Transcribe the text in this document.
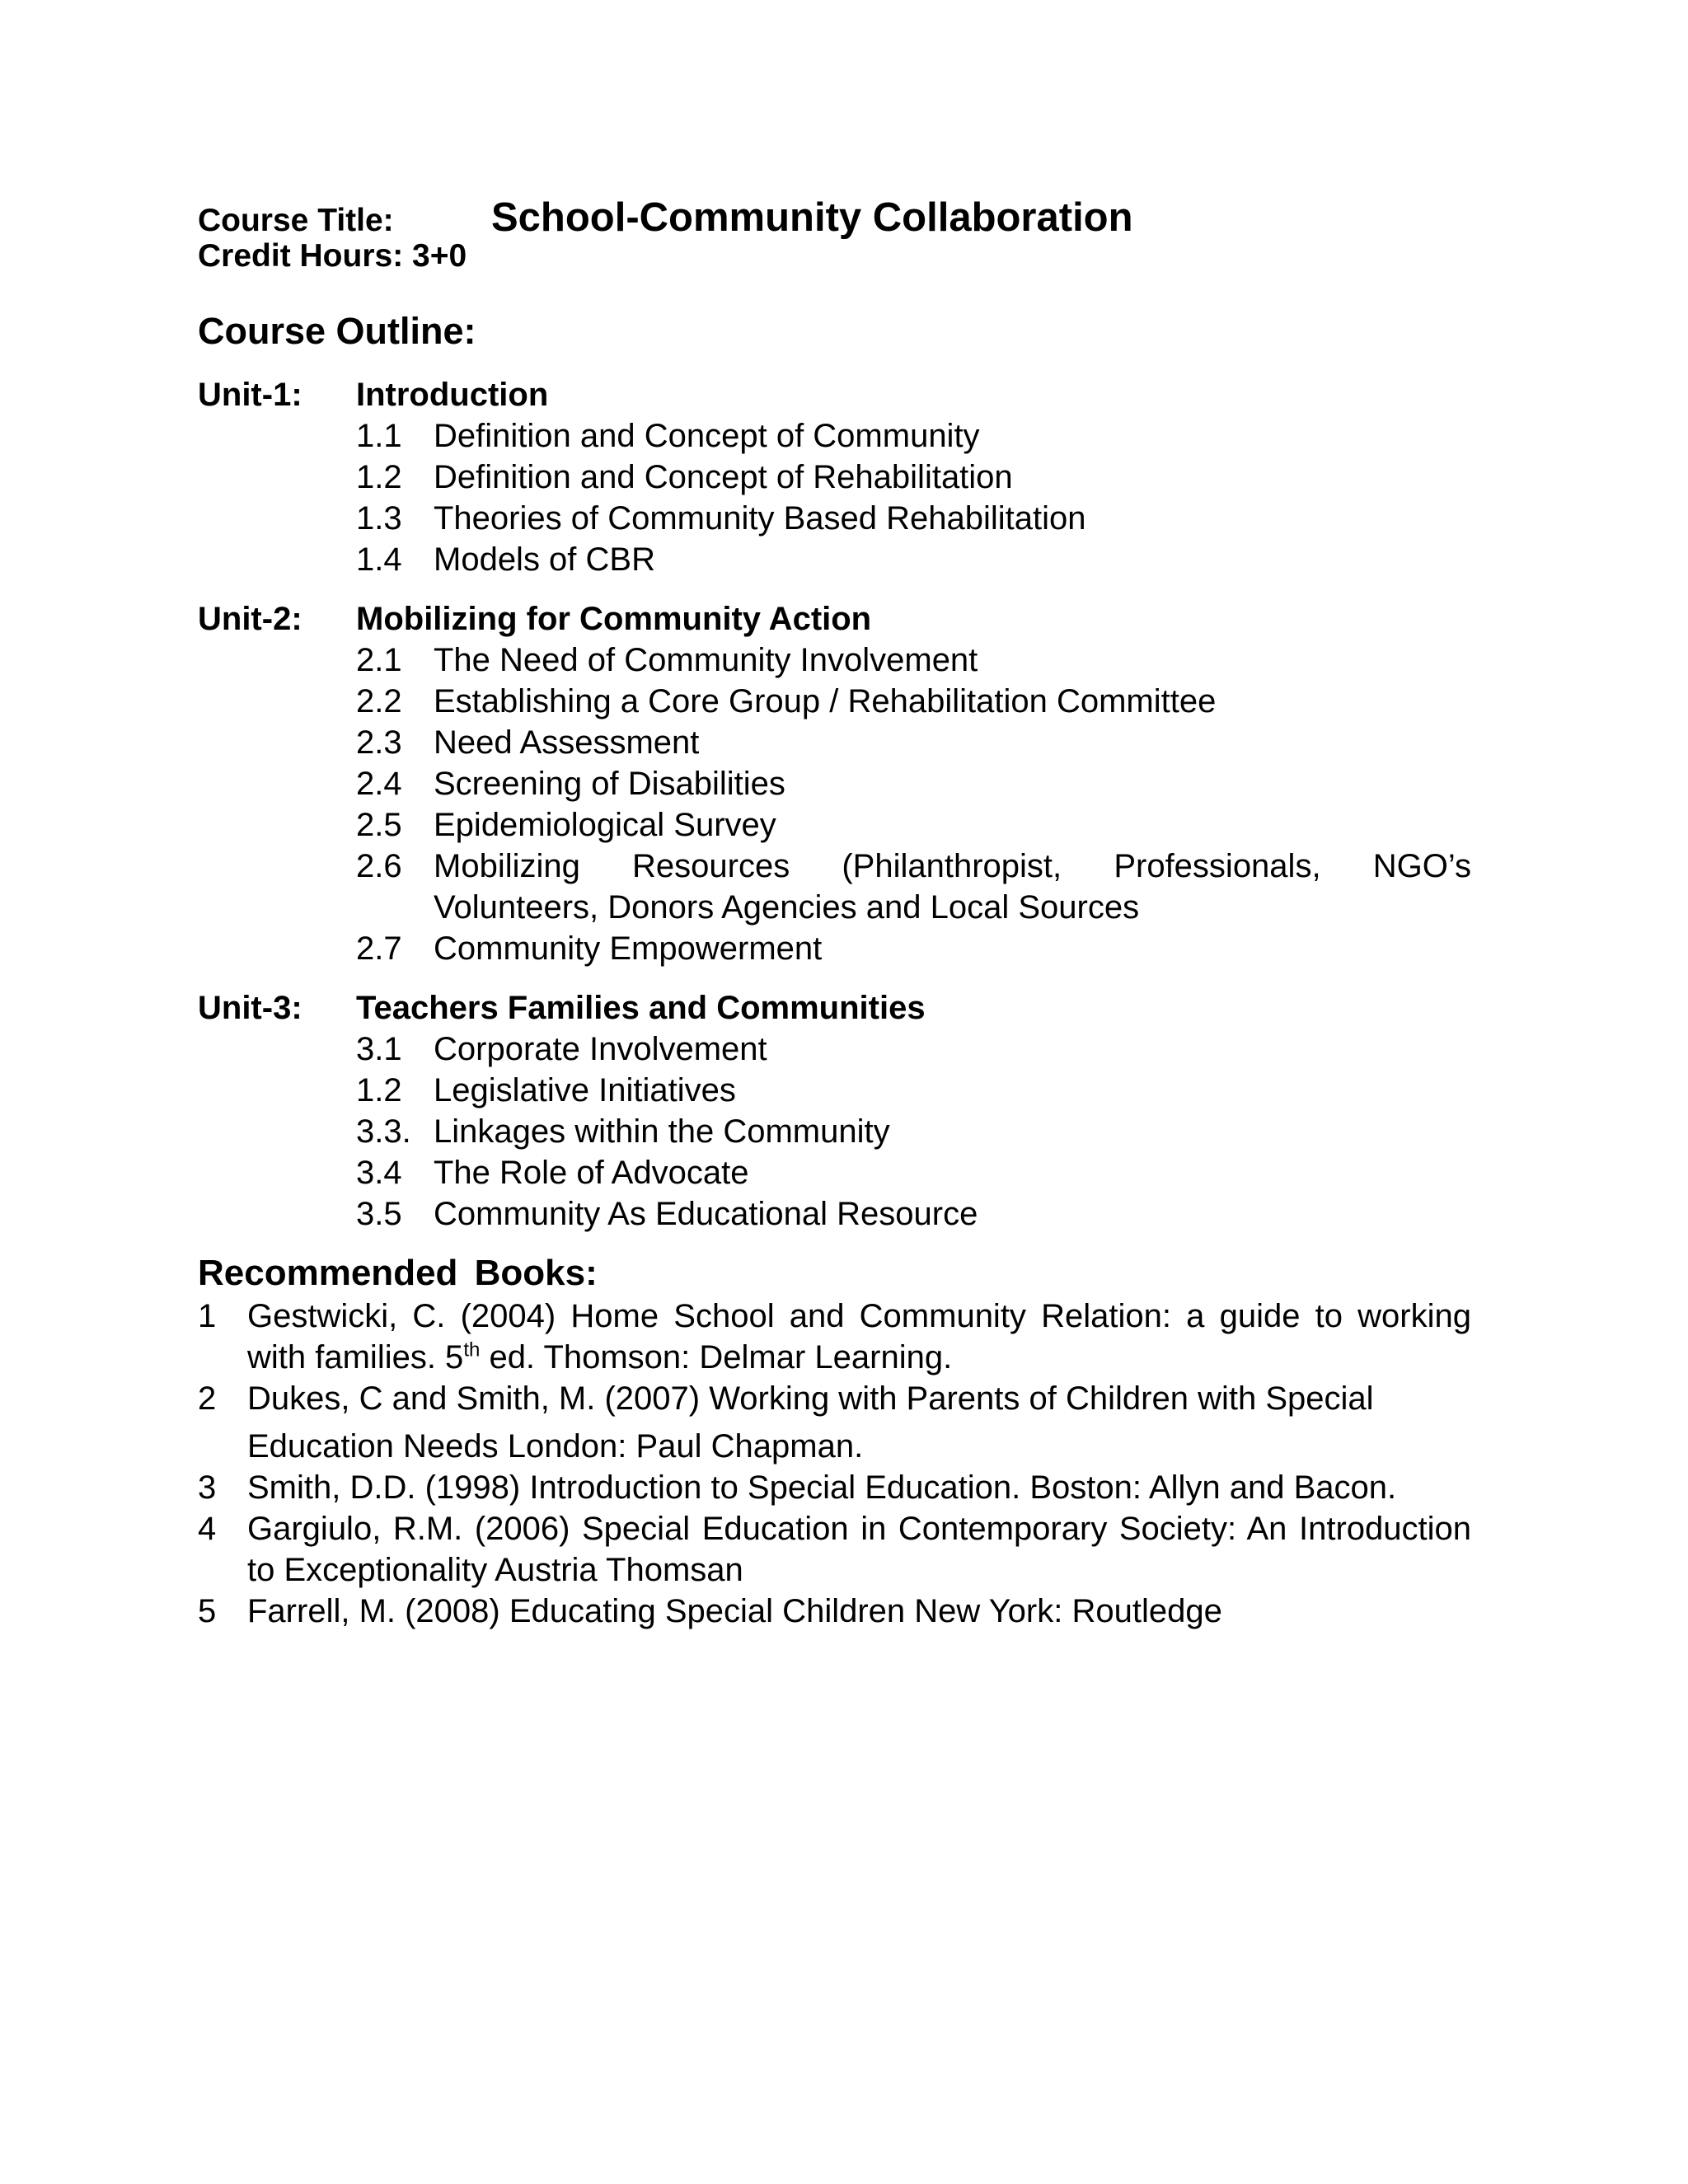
Course Title:	School-Community Collaboration
Credit Hours: 3+0
Course Outline:
Unit-1:	Introduction
1.1 Definition and Concept of Community
1.2 Definition and Concept of Rehabilitation
1.3 Theories of Community Based Rehabilitation
1.4 Models of CBR
Unit-2:	Mobilizing for Community Action
2.1 The Need of Community Involvement
2.2 Establishing a Core Group / Rehabilitation Committee
2.3 Need Assessment
2.4 Screening of Disabilities
2.5 Epidemiological Survey
2.6 Mobilizing Resources (Philanthropist, Professionals, NGO’s Volunteers, Donors Agencies and Local Sources
2.7 Community Empowerment
Unit-3:	Teachers Families and Communities
3.1 Corporate Involvement
1.2 Legislative Initiatives
3.3. Linkages within the Community
3.4 The Role of Advocate
3.5 Community As Educational Resource
Recommended Books:
1 Gestwicki, C. (2004) Home School and Community Relation: a guide to working with families. 5th ed. Thomson: Delmar Learning.
2 Dukes, C and Smith, M. (2007) Working with Parents of Children with Special
Education Needs London: Paul Chapman.
3 Smith, D.D. (1998) Introduction to Special Education. Boston: Allyn and Bacon.
4 Gargiulo, R.M. (2006) Special Education in Contemporary Society: An Introduction to Exceptionality Austria Thomsan
5 Farrell, M. (2008) Educating Special Children New York: Routledge
